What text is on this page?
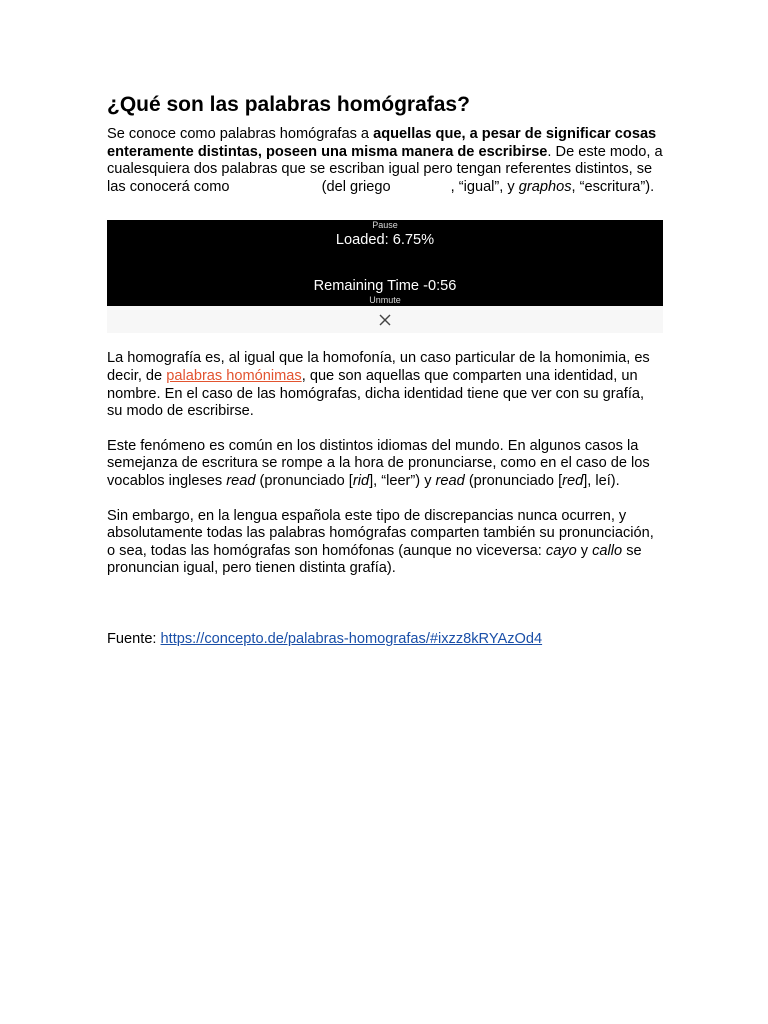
¿Qué son las palabras homógrafas?

Se conoce como palabras homógrafas a aquellas que, a pesar de significar cosas enteramente distintas, poseen una misma manera de escribirse. De este modo, a cualesquiera dos palabras que se escriban igual pero tengan referentes distintos, se las conocerá como	(del griego	, “igual”, y graphos, “escritura”).

Pause
Loaded: 6.75%
Remaining Time -0:56
Unmute

La homografía es, al igual que la homofonía, un caso particular de la homonimia, es decir, de palabras homónimas, que son aquellas que comparten una identidad, un nombre. En el caso de las homógrafas, dicha identidad tiene que ver con su grafía, su modo de escribirse.

Este fenómeno es común en los distintos idiomas del mundo. En algunos casos la semejanza de escritura se rompe a la hora de pronunciarse, como en el caso de los vocablos ingleses read (pronunciado [rid], “leer”) y read (pronunciado [red], leí).

Sin embargo, en la lengua española este tipo de discrepancias nunca ocurren, y absolutamente todas las palabras homógrafas comparten también su pronunciación, o sea, todas las homógrafas son homófonas (aunque no viceversa: cayo y callo se pronuncian igual, pero tienen distinta grafía).

Fuente: https://concepto.de/palabras-homografas/#ixzz8kRYAzOd4
